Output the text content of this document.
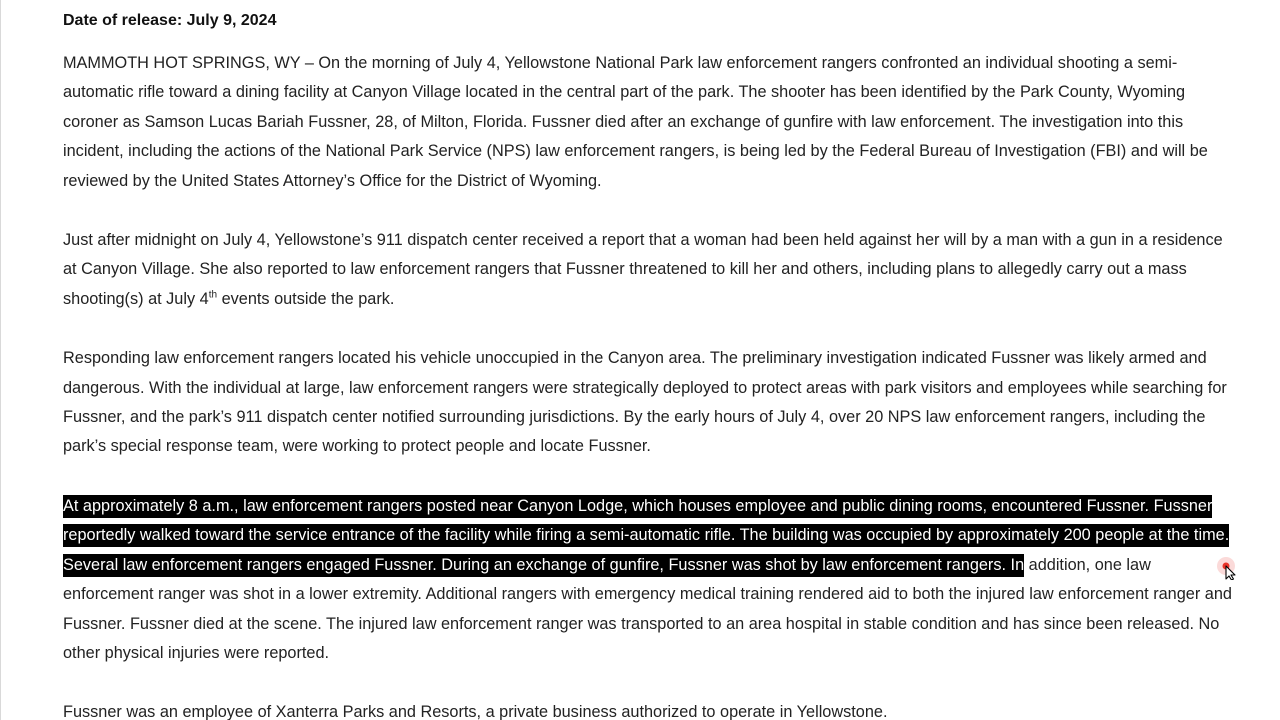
Date of release: July 9, 2024

MAMMOTH HOT SPRINGS, WY – On the morning of July 4, Yellowstone National Park law enforcement rangers confronted an individual shooting a semi-automatic rifle toward a dining facility at Canyon Village located in the central part of the park. The shooter has been identified by the Park County, Wyoming coroner as Samson Lucas Bariah Fussner, 28, of Milton, Florida. Fussner died after an exchange of gunfire with law enforcement. The investigation into this incident, including the actions of the National Park Service (NPS) law enforcement rangers, is being led by the Federal Bureau of Investigation (FBI) and will be reviewed by the United States Attorney’s Office for the District of Wyoming.

Just after midnight on July 4, Yellowstone’s 911 dispatch center received a report that a woman had been held against her will by a man with a gun in a residence at Canyon Village. She also reported to law enforcement rangers that Fussner threatened to kill her and others, including plans to allegedly carry out a mass shooting(s) at July 4th events outside the park.

Responding law enforcement rangers located his vehicle unoccupied in the Canyon area. The preliminary investigation indicated Fussner was likely armed and dangerous. With the individual at large, law enforcement rangers were strategically deployed to protect areas with park visitors and employees while searching for Fussner, and the park’s 911 dispatch center notified surrounding jurisdictions. By the early hours of July 4, over 20 NPS law enforcement rangers, including the park’s special response team, were working to protect people and locate Fussner.

At approximately 8 a.m., law enforcement rangers posted near Canyon Lodge, which houses employee and public dining rooms, encountered Fussner. Fussner reportedly walked toward the service entrance of the facility while firing a semi-automatic rifle. The building was occupied by approximately 200 people at the time. Several law enforcement rangers engaged Fussner. During an exchange of gunfire, Fussner was shot by law enforcement rangers. In addition, one law enforcement ranger was shot in a lower extremity. Additional rangers with emergency medical training rendered aid to both the injured law enforcement ranger and Fussner. Fussner died at the scene. The injured law enforcement ranger was transported to an area hospital in stable condition and has since been released. No other physical injuries were reported.

Fussner was an employee of Xanterra Parks and Resorts, a private business authorized to operate in Yellowstone.
